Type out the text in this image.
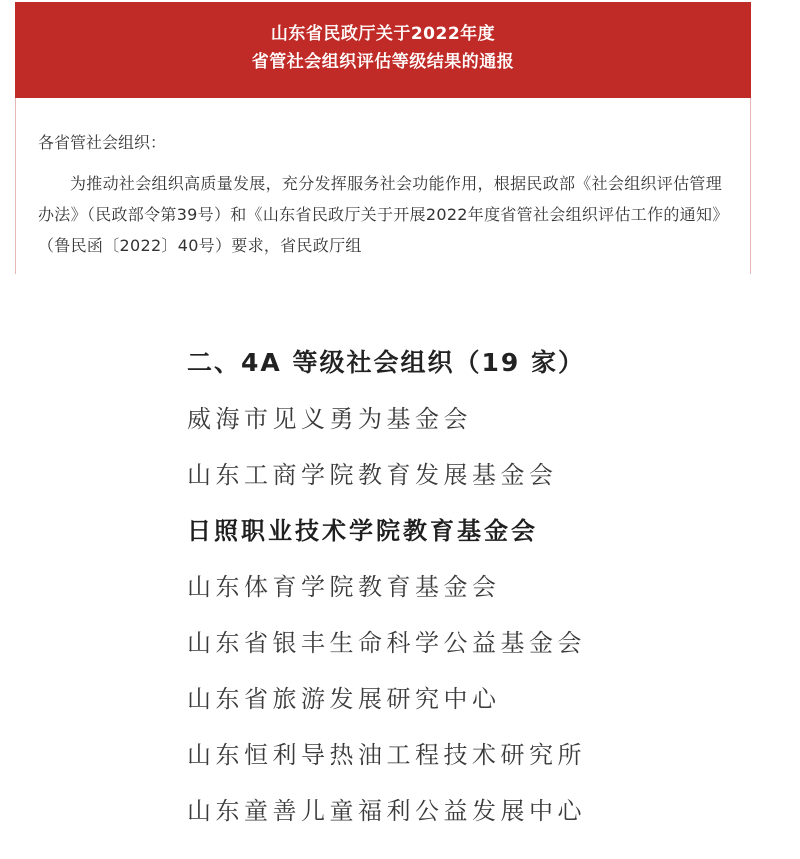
山东省民政厅关于2022年度
省管社会组织评估等级结果的通报
各省管社会组织：
为推动社会组织高质量发展，充分发挥服务社会功能作用，根据民政部《社会组织评估管理办法》（民政部令第39号）和《山东省民政厅关于开展2022年度省管社会组织评估工作的通知》（鲁民函〔2022〕40号）要求，省民政厅组
二、4A 等级社会组织（19 家）
威海市见义勇为基金会
山东工商学院教育发展基金会
日照职业技术学院教育基金会
山东体育学院教育基金会
山东省银丰生命科学公益基金会
山东省旅游发展研究中心
山东恒利导热油工程技术研究所
山东童善儿童福利公益发展中心
